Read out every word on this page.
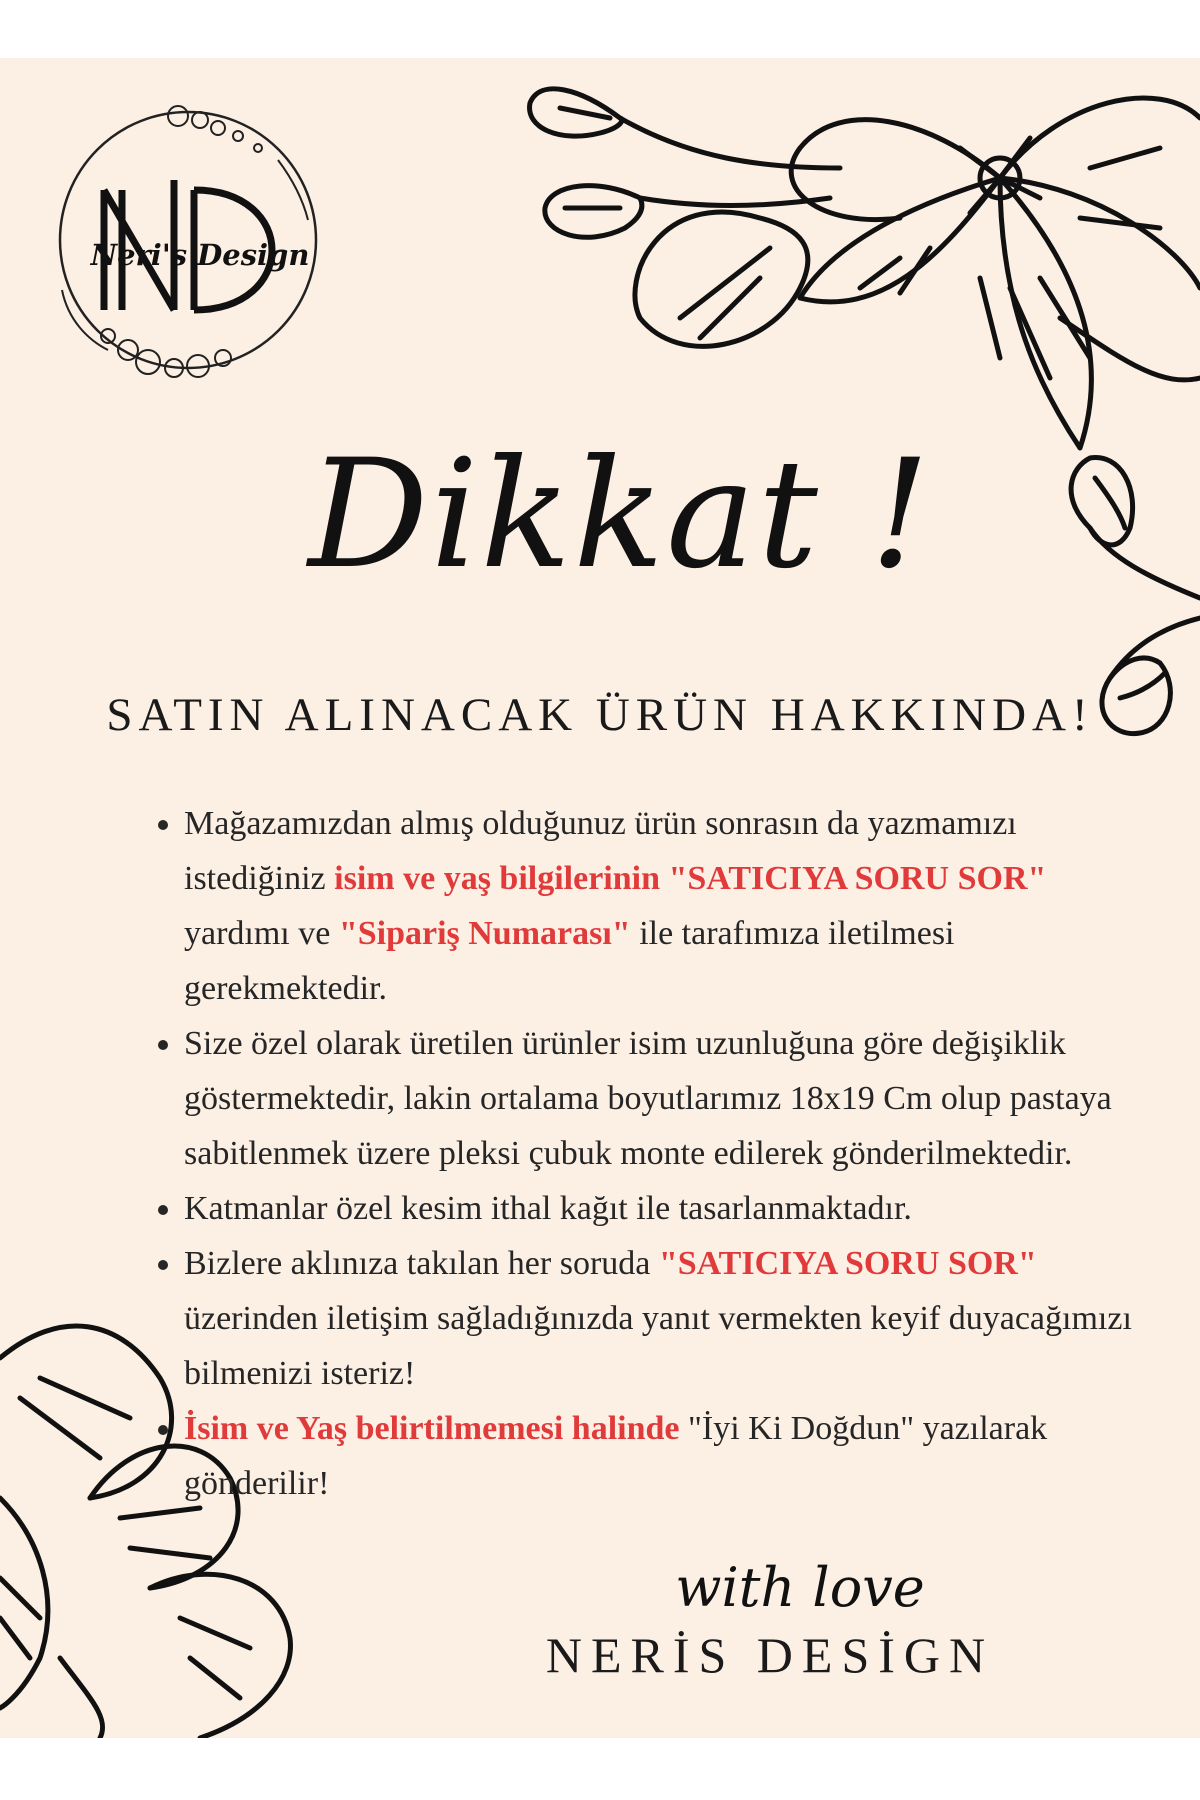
Neri's Design
Dikkat !
SATIN ALINACAK ÜRÜN HAKKINDA!
• Mağazamızdan almış olduğunuz ürün sonrasın da yazmamızı istediğiniz isim ve yaş bilgilerinin "SATICIYA SORU SOR" yardımı ve "Sipariş Numarası" ile tarafımıza iletilmesi gerekmektedir.
• Size özel olarak üretilen ürünler isim uzunluğuna göre değişiklik göstermektedir, lakin ortalama boyutlarımız 18x19 Cm olup pastaya sabitlenmek üzere pleksi çubuk monte edilerek gönderilmektedir.
• Katmanlar özel kesim ithal kağıt ile tasarlanmaktadır.
• Bizlere aklınıza takılan her soruda "SATICIYA SORU SOR" üzerinden iletişim sağladığınızda yanıt vermekten keyif duyacağımızı bilmenizi isteriz!
• İsim ve Yaş belirtilmemesi halinde "İyi Ki Doğdun" yazılarak gönderilir!
with love
NERİS DESİGN
